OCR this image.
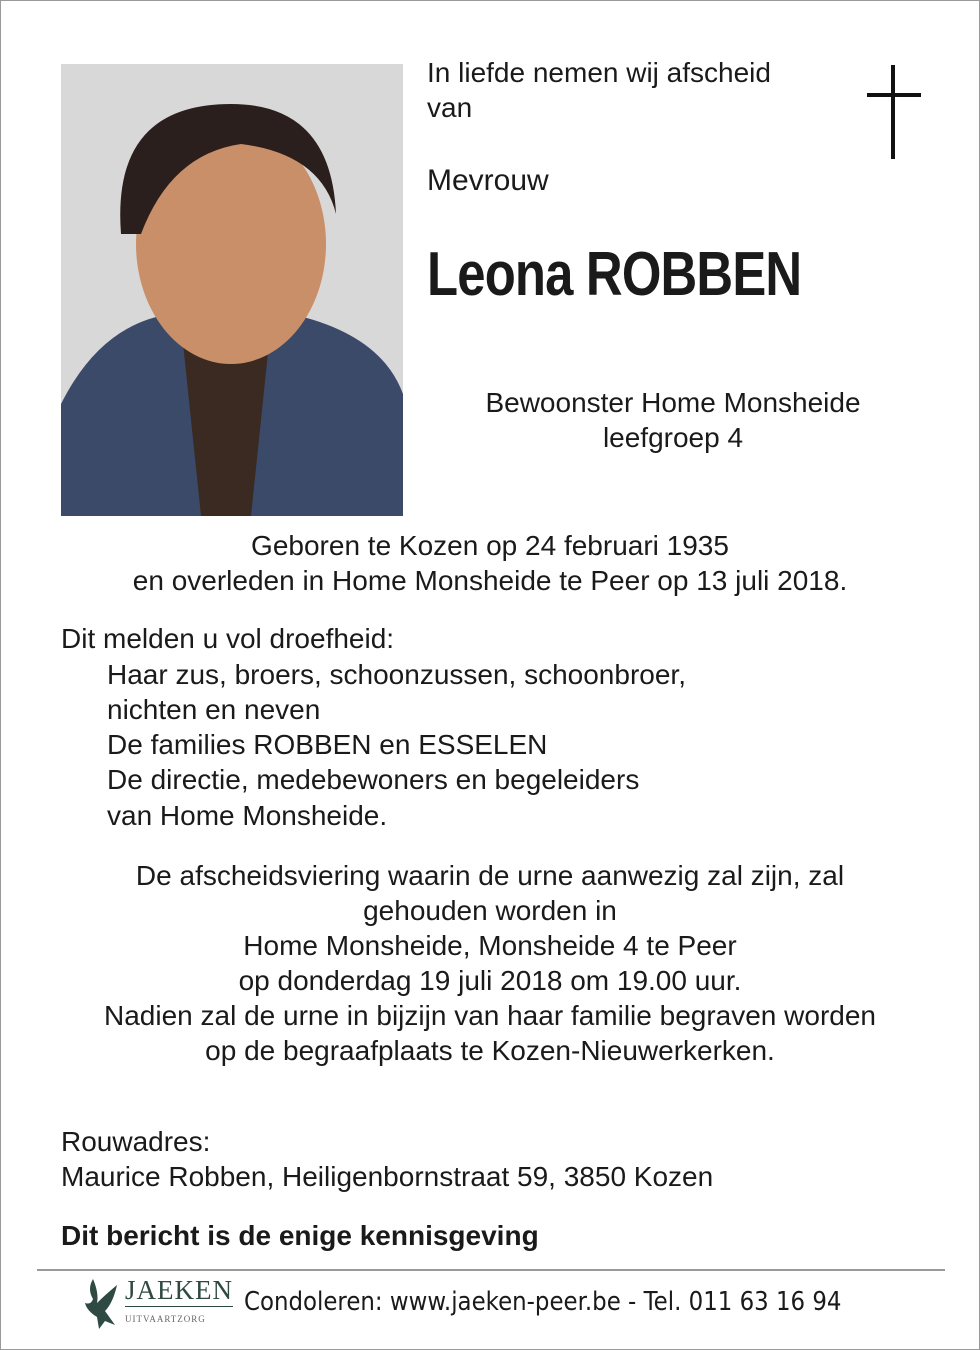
In liefde nemen wij afscheid
van
Mevrouw
Leona ROBBEN
Bewoonster Home Monsheide
leefgroep 4
Geboren te Kozen op 24 februari 1935
en overleden in Home Monsheide te Peer op 13 juli 2018.
Dit melden u vol droefheid:
Haar zus, broers, schoonzussen, schoonbroer,
nichten en neven
De families ROBBEN en ESSELEN
De directie, medebewoners en begeleiders
van Home Monsheide.
De afscheidsviering waarin de urne aanwezig zal zijn, zal
gehouden worden in
Home Monsheide, Monsheide 4 te Peer
op donderdag 19 juli 2018 om 19.00 uur.
Nadien zal de urne in bijzijn van haar familie begraven worden
op de begraafplaats te Kozen-Nieuwerkerken.
Rouwadres:
Maurice Robben, Heiligenbornstraat 59, 3850 Kozen
Dit bericht is de enige kennisgeving
JAEKEN
UITVAARTZORG
Condoleren: www.jaeken-peer.be - Tel. 011 63 16 94
